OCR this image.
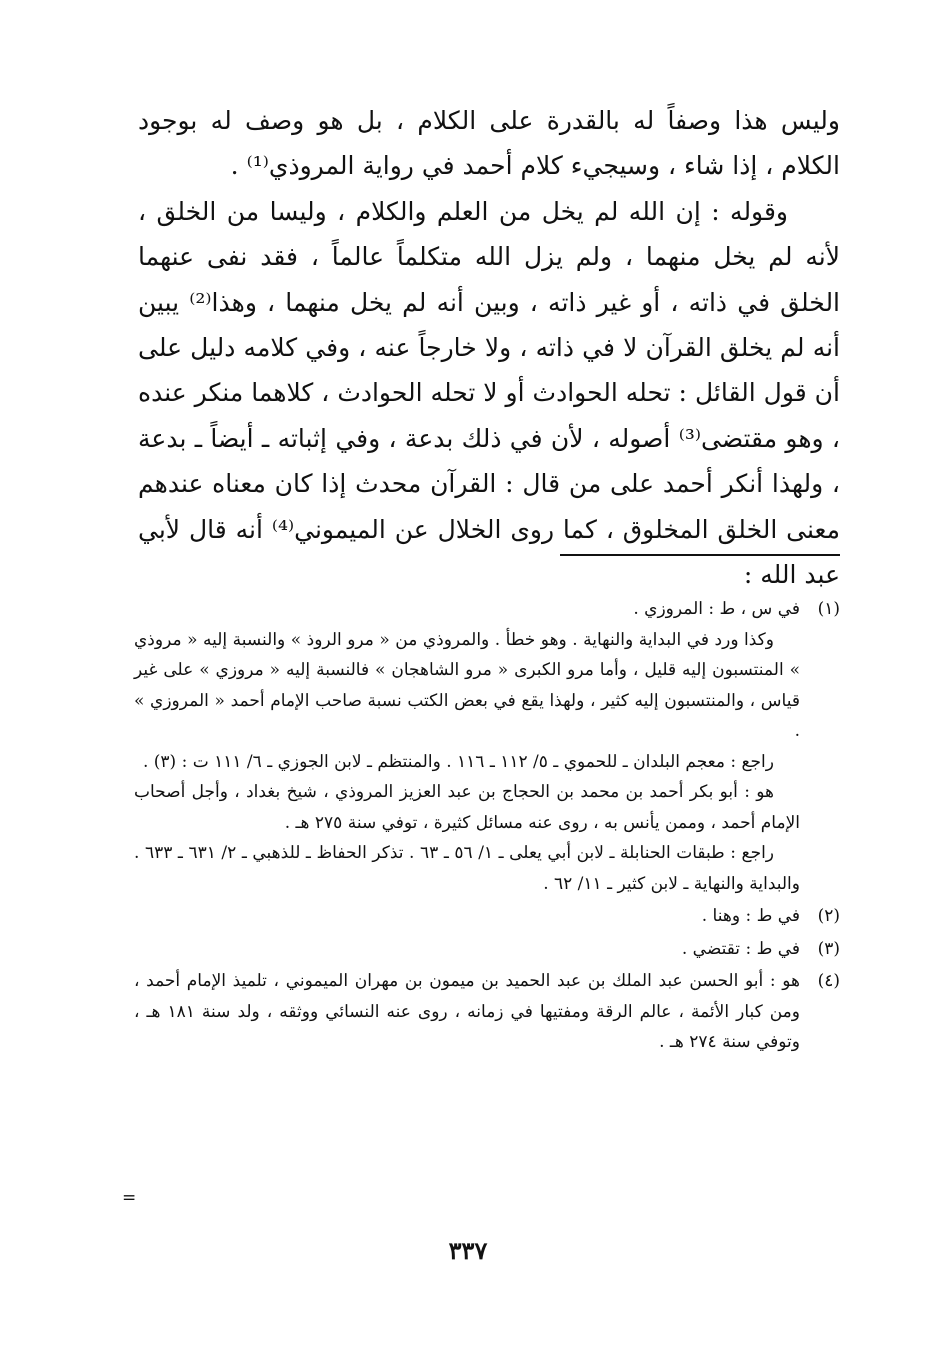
وليس هذا وصفاً له بالقدرة على الكلام ، بل هو وصف له بوجود الكلام ، إذا شاء ، وسيجيء كلام أحمد في رواية المروذي⁽¹⁾ .

وقوله : إن الله لم يخل من العلم والكلام ، وليسا من الخلق ، لأنه لم يخل منهما ، ولم يزل الله متكلماً عالماً ، فقد نفى عنهما الخلق في ذاته ، أو غير ذاته ، وبين أنه لم يخل منهما ، وهذا⁽²⁾ يبين أنه لم يخلق القرآن لا في ذاته ، ولا خارجاً عنه ، وفي كلامه دليل على أن قول القائل : تحله الحوادث أو لا تحله الحوادث ، كلاهما منكر عنده ، وهو مقتضى⁽³⁾ أصوله ، لأن في ذلك بدعة ، وفي إثباته ـ أيضاً ـ بدعة ، ولهذا أنكر أحمد على من قال : القرآن محدث إذا كان معناه عندهم معنى الخلق المخلوق ، كما روى الخلال عن الميموني⁽⁴⁾ أنه قال لأبي عبد الله :

(١)

في س ، ط : المروزي .

وكذا ورد في البداية والنهاية . وهو خطأ . والمروذي من « مرو الروذ » والنسبة إليه « مروذي » المنتسبون إليه قليل ، وأما مرو الكبرى « مرو الشاهجان » فالنسبة إليه « مروزي » على غير قياس ، والمنتسبون إليه كثير ، ولهذا يقع في بعض الكتب نسبة صاحب الإمام أحمد « المروزي » .

راجع : معجم البلدان ـ للحموي ـ ٥/ ١١٢ ـ ١١٦ . والمنتظم ـ لابن الجوزي ـ ٦/ ١١١ ت : (٣) .

هو : أبو بكر أحمد بن محمد بن الحجاج بن عبد العزيز المروذي ، شيخ بغداد ، وأجل أصحاب الإمام أحمد ، وممن يأنس به ، روى عنه مسائل كثيرة ، توفي سنة ٢٧٥ هـ .

راجع : طبقات الحنابلة ـ لابن أبي يعلى ـ ١/ ٥٦ ـ ٦٣ . تذكر الحفاظ ـ للذهبي ـ ٢/ ٦٣١ ـ ٦٣٣ . والبداية والنهاية ـ لابن كثير ـ ١١/ ٦٢ .

(٢)

في ط : وهنا .

(٣)

في ط : تقتضي .

(٤)

هو : أبو الحسن عبد الملك بن عبد الحميد بن ميمون بن مهران الميموني ، تلميذ الإمام أحمد ، ومن كبار الأئمة ، عالم الرقة ومفتيها في زمانه ، روى عنه النسائي ووثقه ، ولد سنة ١٨١ هـ ، وتوفي سنة ٢٧٤ هـ .

=
٣٣٧
